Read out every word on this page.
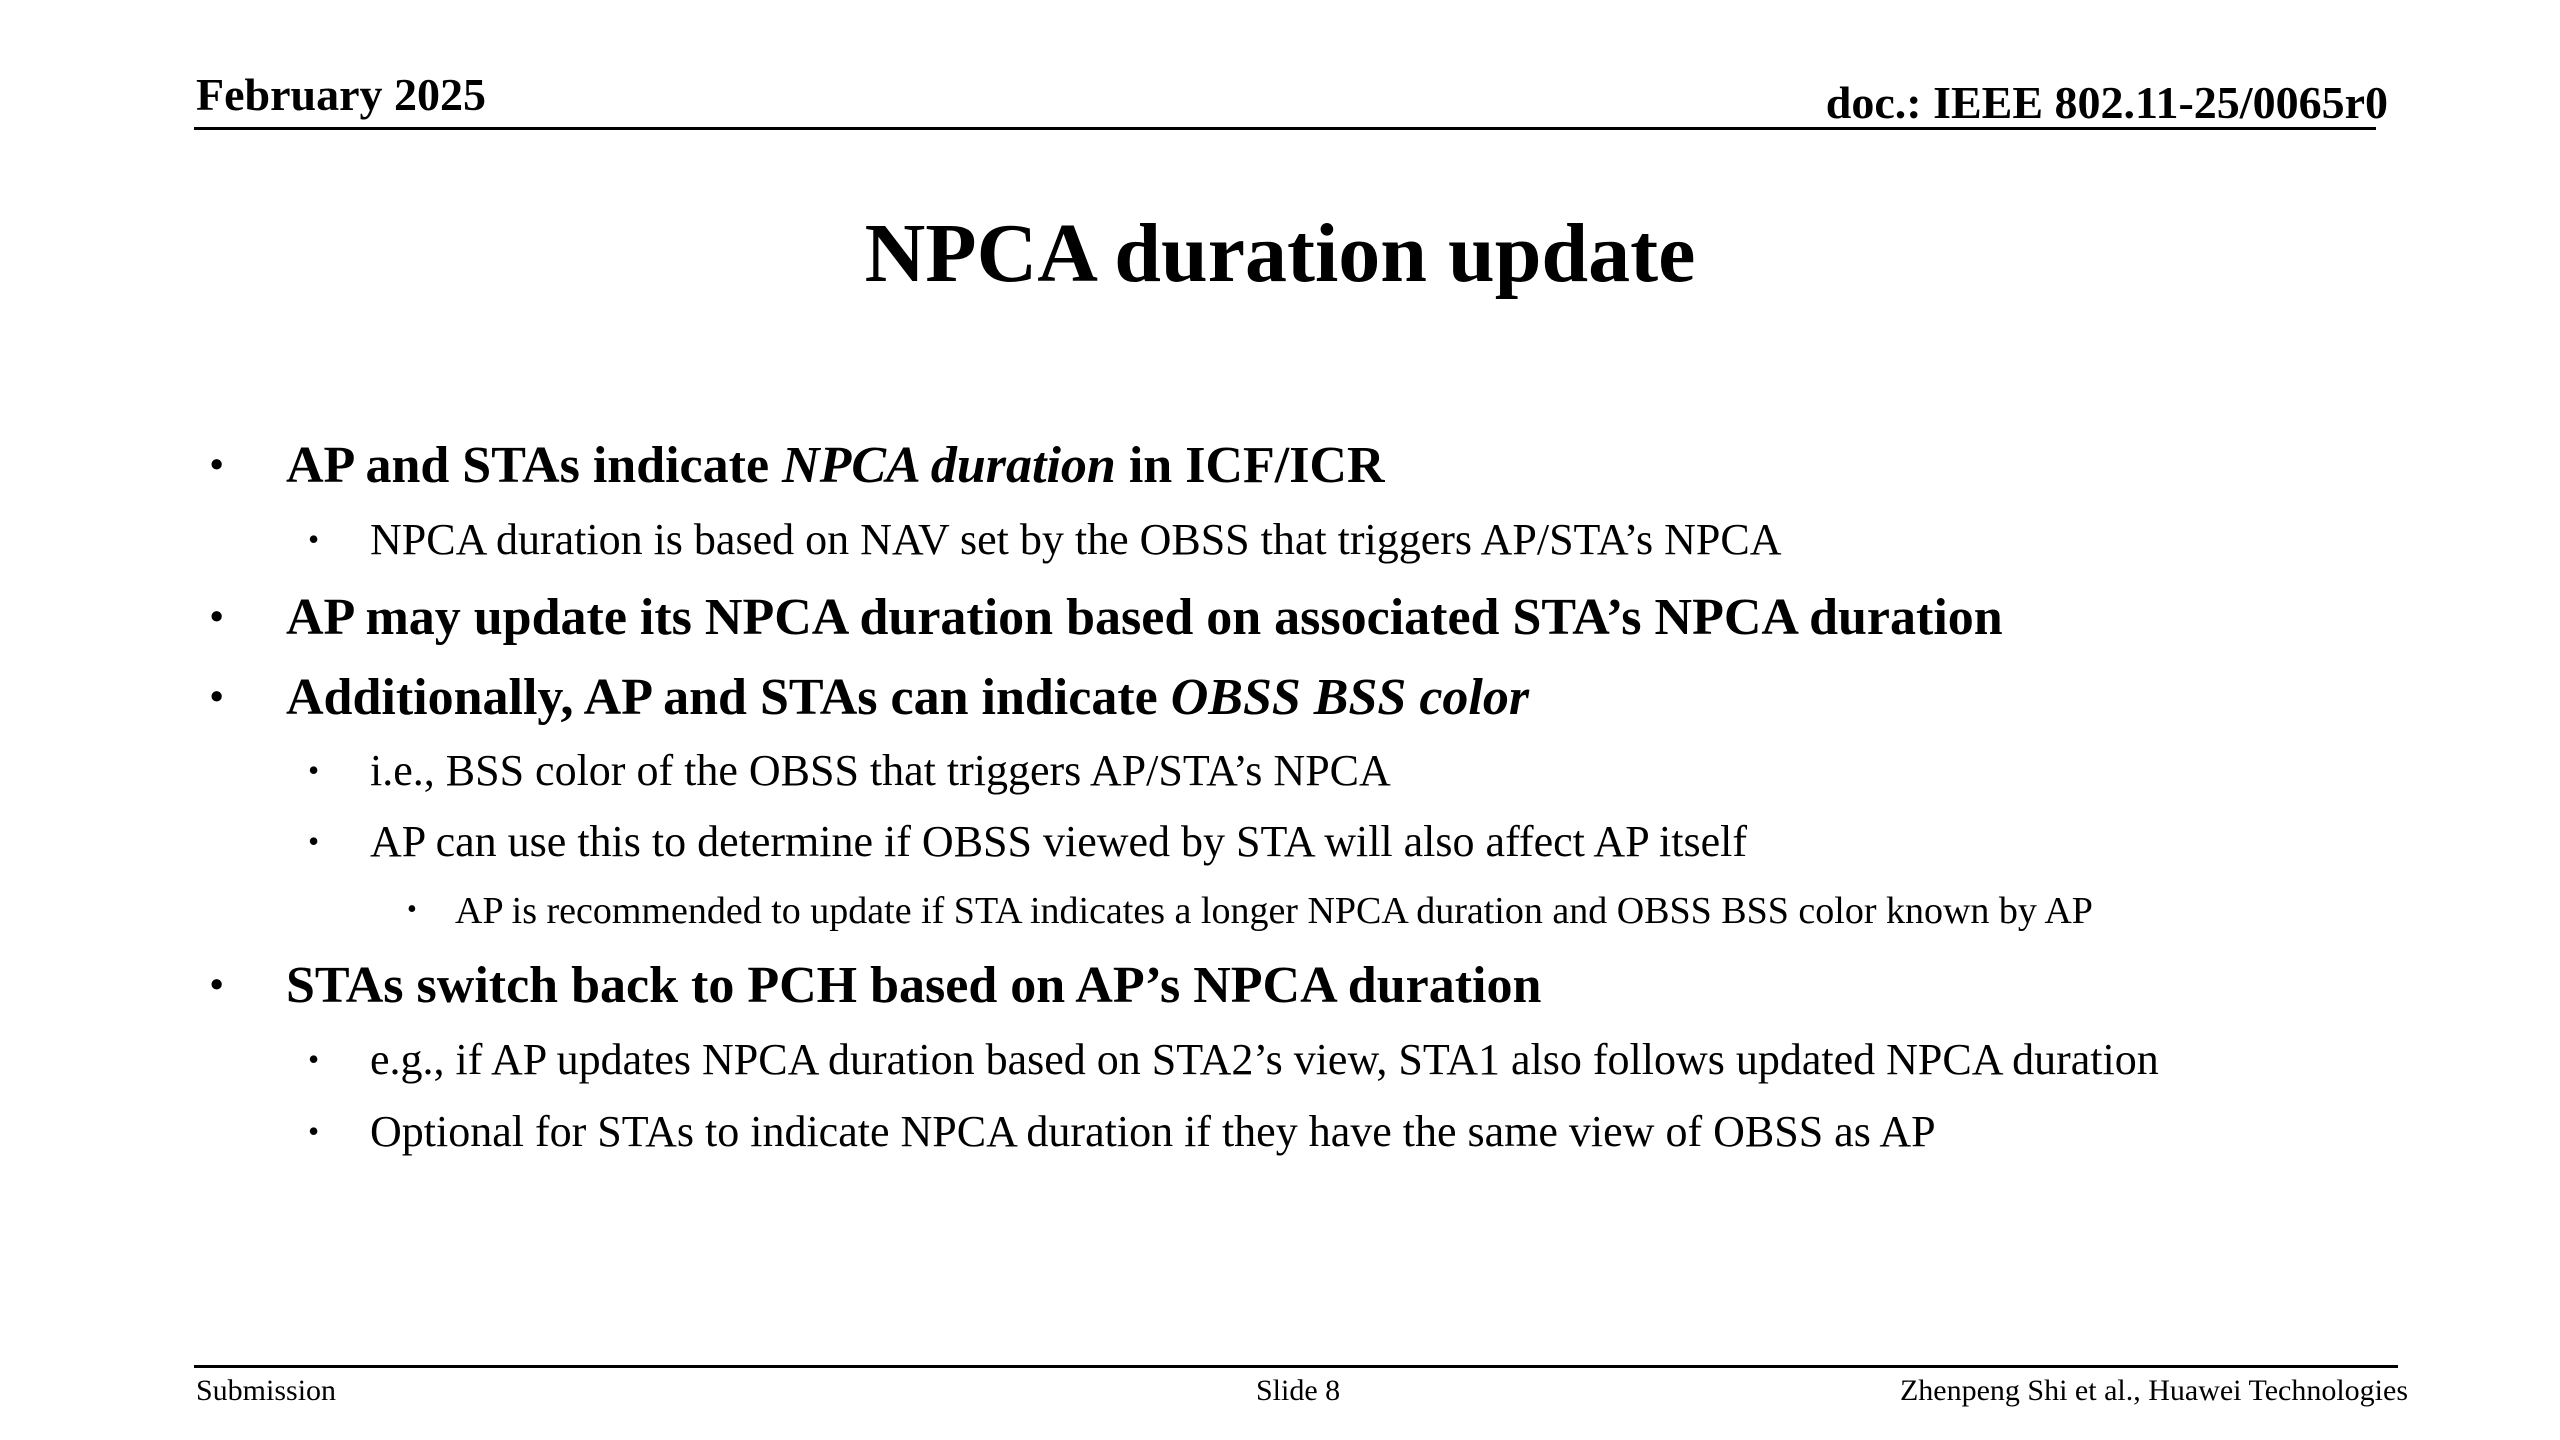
February 2025	doc.: IEEE 802.11-25/0065r0
NPCA duration update
• AP and STAs indicate NPCA duration in ICF/ICR
• NPCA duration is based on NAV set by the OBSS that triggers AP/STA’s NPCA
• AP may update its NPCA duration based on associated STA’s NPCA duration
• Additionally, AP and STAs can indicate OBSS BSS color
• i.e., BSS color of the OBSS that triggers AP/STA’s NPCA
• AP can use this to determine if OBSS viewed by STA will also affect AP itself
• AP is recommended to update if STA indicates a longer NPCA duration and OBSS BSS color known by AP
• STAs switch back to PCH based on AP’s NPCA duration
• e.g., if AP updates NPCA duration based on STA2’s view, STA1 also follows updated NPCA duration
• Optional for STAs to indicate NPCA duration if they have the same view of OBSS as AP
Submission	Slide 8	Zhenpeng Shi et al., Huawei Technologies
